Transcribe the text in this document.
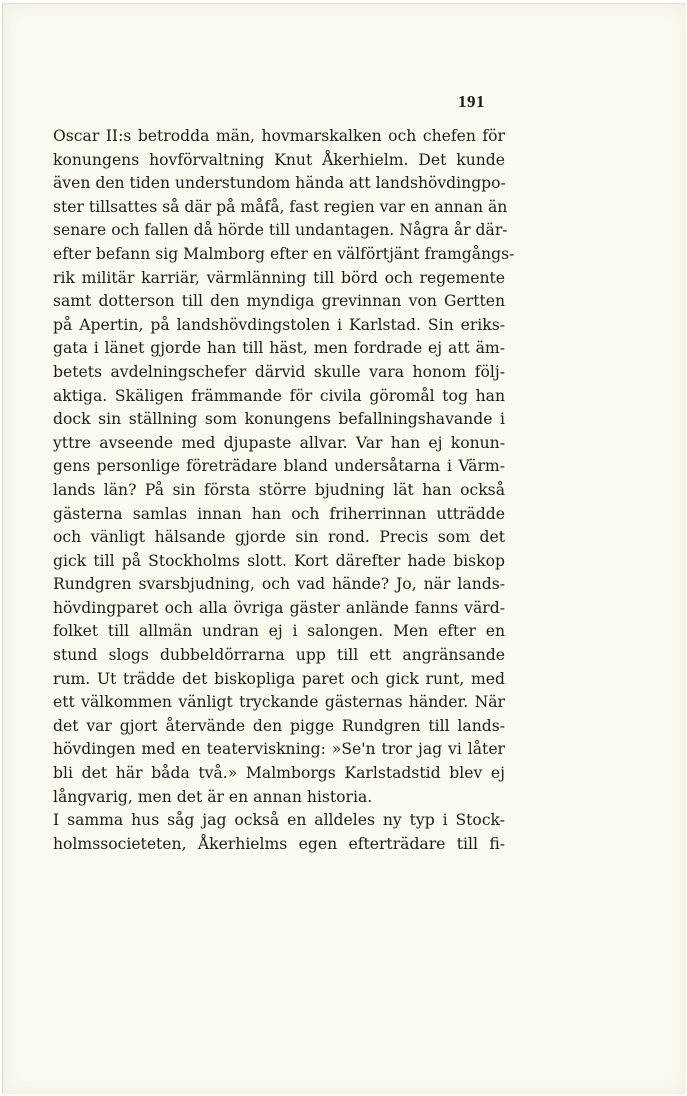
191
Oscar II:s betrodda män, hovmarskalken och chefen för
konungens hovförvaltning Knut Åkerhielm. Det kunde
även den tiden understundom hända att landshövdingpo-
ster tillsattes så där på måfå, fast regien var en annan än
senare och fallen då hörde till undantagen. Några år där-
efter befann sig Malmborg efter en välförtjänt framgångs-
rik militär karriär, värmlänning till börd och regemente
samt dotterson till den myndiga grevinnan von Gertten
på Apertin, på landshövdingstolen i Karlstad. Sin eriks-
gata i länet gjorde han till häst, men fordrade ej att äm-
betets avdelningschefer därvid skulle vara honom följ-
aktiga. Skäligen främmande för civila göromål tog han
dock sin ställning som konungens befallningshavande i
yttre avseende med djupaste allvar. Var han ej konun-
gens personlige företrädare bland undersåtarna i Värm-
lands län? På sin första större bjudning lät han också
gästerna samlas innan han och friherrinnan utträdde
och vänligt hälsande gjorde sin rond. Precis som det
gick till på Stockholms slott. Kort därefter hade biskop
Rundgren svarsbjudning, och vad hände? Jo, när lands-
hövdingparet och alla övriga gäster anlände fanns värd-
folket till allmän undran ej i salongen. Men efter en
stund slogs dubbeldörrarna upp till ett angränsande
rum. Ut trädde det biskopliga paret och gick runt, med
ett välkommen vänligt tryckande gästernas händer. När
det var gjort återvände den pigge Rundgren till lands-
hövdingen med en teaterviskning: »Se'n tror jag vi låter
bli det här båda två.» Malmborgs Karlstadstid blev ej
långvarig, men det är en annan historia.
I samma hus såg jag också en alldeles ny typ i Stock-
holmssocieteten, Åkerhielms egen efterträdare till fi-
